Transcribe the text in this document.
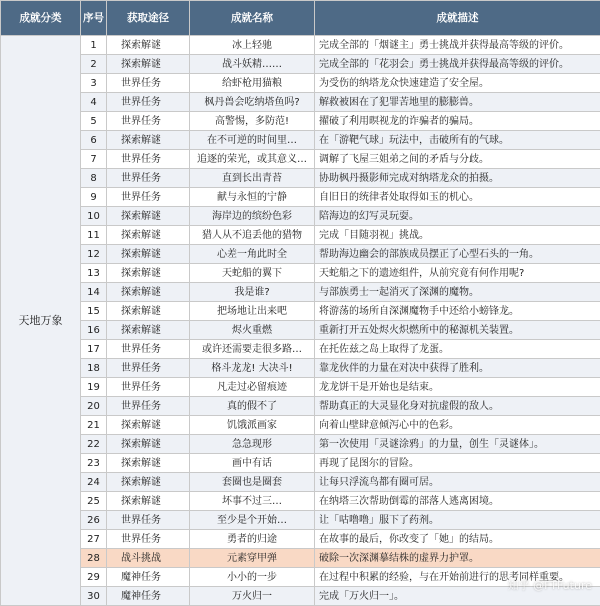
成就分类	序号	获取途径	成就名称	成就描述
天地万象	1	探索解谜	冰上轻驰	完成全部的「烟谜主」勇士挑战并获得最高等级的评价。
	2	探索解谜	战斗妖精……	完成全部的「花羽会」勇士挑战并获得最高等级的评价。
	3	世界任务	给虾枪用猫粮	为受伤的纳塔龙众快速建造了安全屋。
	4	世界任务	枫丹兽会吃纳塔鱼吗?	解救被困在了犯罪苦地里的膨膨兽。
	5	世界任务	高警惕，多防范!	擢破了利用暝视龙的诈骗者的骗局。
	6	探索解谜	在不可逆的时间里…	在「游靶气球」玩法中，击破所有的气球。
	7	世界任务	追逐的荣光，或其意义…	调解了飞屋三姐弟之间的矛盾与分歧。
	8	世界任务	直到长出青苔	协助枫丹摄影师完成对纳塔龙众的拍摄。
	9	世界任务	献与永恒的宁静	自旧日的统律者处取得如玉的机心。
	10	探索解谜	海岸边的缤纷色彩	陪海边的幻写灵玩耍。
	11	探索解谜	猎人从不追丢他的猎物	完成「目随羽视」挑战。
	12	探索解谜	心差一角此时全	帮助海边幽会的部族成员摆正了心型石头的一角。
	13	探索解谜	天蛇船的翼下	天蛇船之下的遗迹组件，从前究竟有何作用呢?
	14	探索解谜	我是谁?	与部族勇士一起消灭了深渊的魔物。
	15	探索解谜	把场地让出来吧	将游荡的场所自深渊魔物手中还给小螃锋龙。
	16	探索解谜	烬火重燃	重新打开五处烬火炽燃所中的秘源机关装置。
	17	世界任务	或许还需要走很多路…	在托佐兹之岛上取得了龙蛋。
	18	世界任务	格斗龙龙! 大决斗!	靠龙伙伴的力量在对决中获得了胜利。
	19	世界任务	凡走过必留痕迹	龙龙饼干是开始也是结束。
	20	世界任务	真的假不了	帮助真正的大灵显化身对抗虚假的敌人。
	21	探索解谜	饥饿派画家	向着山壁肆意倾泻心中的色彩。
	22	探索解谜	急急现形	第一次使用「灵谜涂鸦」的力量，创生「灵谜体」。
	23	探索解谜	画中有话	再现了昆图尔的冒险。
	24	探索解谜	套圈也是圈套	让每只浮流鸟都有圈可居。
	25	探索解谜	坏事不过三…	在纳塔三次帮助倒霉的部落人逃离困境。
	26	世界任务	至少是个开始…	让「咕噜噜」服下了药剂。
	27	世界任务	勇者的归途	在故事的最后，你改变了「她」的结局。
	28	战斗挑战	元素穿甲弹	破除一次深渊摹结株的虚界力护罩。
	29	魔神任务	小小的一步	在过程中积累的经验，与在开始前进行的思考同样重要。
	30	魔神任务	万火归一	完成「万火归一」。
知乎 @FTFuture
